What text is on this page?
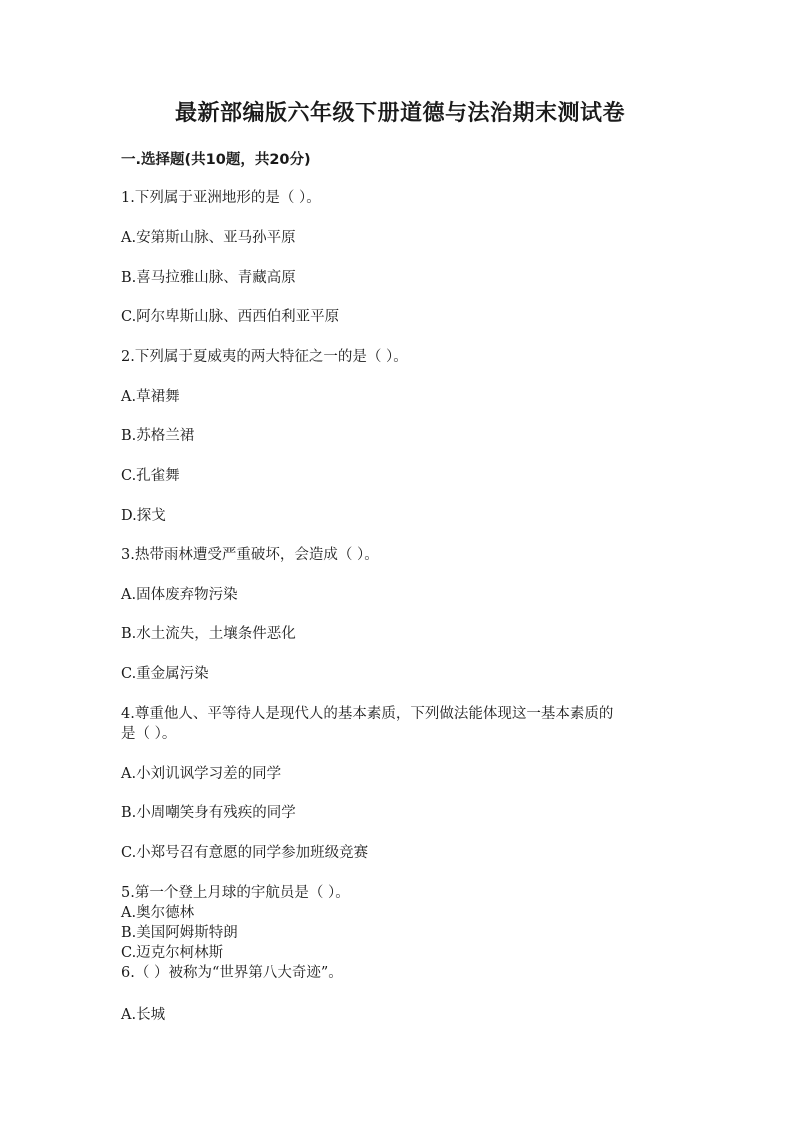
最新部编版六年级下册道德与法治期末测试卷
一.选择题(共10题，共20分)
1.下列属于亚洲地形的是（ ）。
A.安第斯山脉、亚马孙平原
B.喜马拉雅山脉、青藏高原
C.阿尔卑斯山脉、西西伯利亚平原
2.下列属于夏威夷的两大特征之一的是（ ）。
A.草裙舞
B.苏格兰裙
C.孔雀舞
D.探戈
3.热带雨林遭受严重破坏，会造成（ ）。
A.固体废弃物污染
B.水土流失，土壤条件恶化
C.重金属污染
4.尊重他人、平等待人是现代人的基本素质，下列做法能体现这一基本素质的
是（ ）。
A.小刘讥讽学习差的同学
B.小周嘲笑身有残疾的同学
C.小郑号召有意愿的同学参加班级竞赛
5.第一个登上月球的宇航员是（ ）。
A.奥尔德林
B.美国阿姆斯特朗
C.迈克尔柯林斯
6.（ ）被称为“世界第八大奇迹”。
A.长城
